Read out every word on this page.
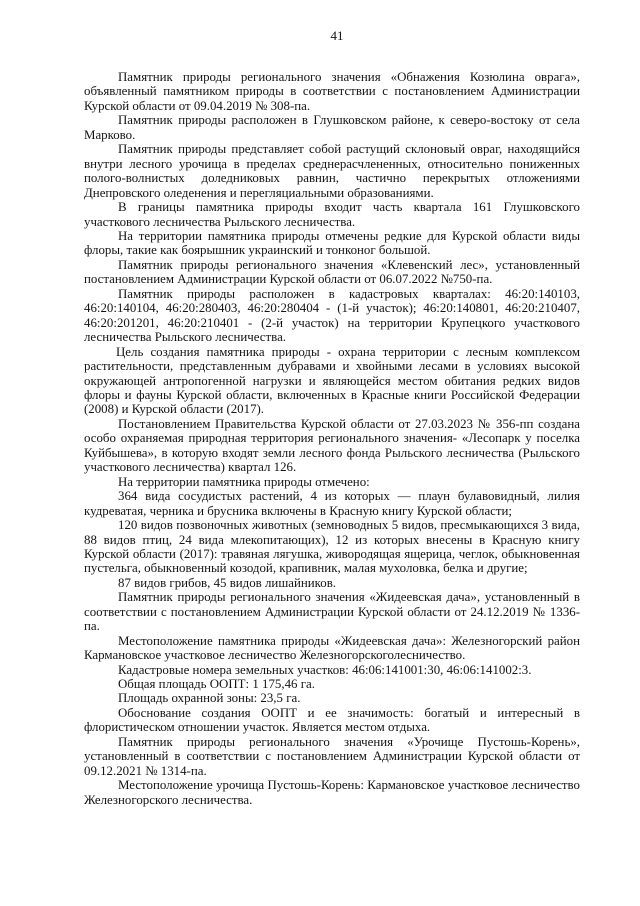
41

Памятник природы регионального значения «Обнажения Козюлина оврага», объявленный памятником природы в соответствии с постановлением Администрации Курской области от 09.04.2019 № 308-па.

Памятник природы расположен в Глушковском районе, к северо-востоку от села Марково.

Памятник природы представляет собой растущий склоновый овраг, находящийся внутри лесного урочища в пределах среднерасчлененных, относительно пониженных полого-волнистых доледниковых равнин, частично перекрытых отложениями Днепровского оледенения и перегляциальными образованиями.

В границы памятника природы входит часть квартала 161 Глушковского участкового лесничества Рыльского лесничества.

На территории памятника природы отмечены редкие для Курской области виды флоры, такие как боярышник украинский и тонконог большой.

Памятник природы регионального значения «Клевенский лес», установленный постановлением Администрации Курской области от 06.07.2022 №750-па.

Памятник природы расположен в кадастровых кварталах: 46:20:140103, 46:20:140104, 46:20:280403, 46:20:280404 - (1-й участок); 46:20:140801, 46:20:210407, 46:20:201201, 46:20:210401 - (2-й участок) на территории Крупецкого участкового лесничества Рыльского лесничества.

Цель создания памятника природы - охрана территории с лесным комплексом растительности, представленным дубравами и хвойными лесами в условиях высокой окружающей антропогенной нагрузки и являющейся местом обитания редких видов флоры и фауны Курской области, включенных в Красные книги Российской Федерации (2008) и Курской области (2017).

Постановлением Правительства Курской области от 27.03.2023 № 356-пп создана особо охраняемая природная территория регионального значения- «Лесопарк у поселка Куйбышева», в которую входят земли лесного фонда Рыльского лесничества (Рыльского участкового лесничества) квартал 126.

На территории памятника природы отмечено:

364 вида сосудистых растений, 4 из которых — плаун булавовидный, лилия кудреватая, черника и брусника включены в Красную книгу Курской области;

120 видов позвоночных животных (земноводных 5 видов, пресмыкающихся 3 вида, 88 видов птиц, 24 вида млекопитающих), 12 из которых внесены в Красную книгу Курской области (2017): травяная лягушка, живородящая ящерица, чеглок, обыкновенная пустельга, обыкновенный козодой, крапивник, малая мухоловка, белка и другие;

87 видов грибов, 45 видов лишайников.

Памятник природы регионального значения «Жидеевская дача», установленный в соответствии с постановлением Администрации Курской области от 24.12.2019 № 1336-па.

Местоположение памятника природы «Жидеевская дача»: Железногорский район Кармановское участковое лесничество Железногорскоголесничество.

Кадастровые номера земельных участков: 46:06:141001:30, 46:06:141002:3.

Общая площадь ООПТ: 1 175,46 га.

Площадь охранной зоны: 23,5 га.

Обоснование создания ООПТ и ее значимость: богатый и интересный в флористическом отношении участок. Является местом отдыха.

Памятник природы регионального значения «Урочище Пустошь-Корень», установленный в соответствии с постановлением Администрации Курской области от 09.12.2021 № 1314-па.

Местоположение урочища Пустошь-Корень: Кармановское участковое лесничество Железногорского лесничества.
